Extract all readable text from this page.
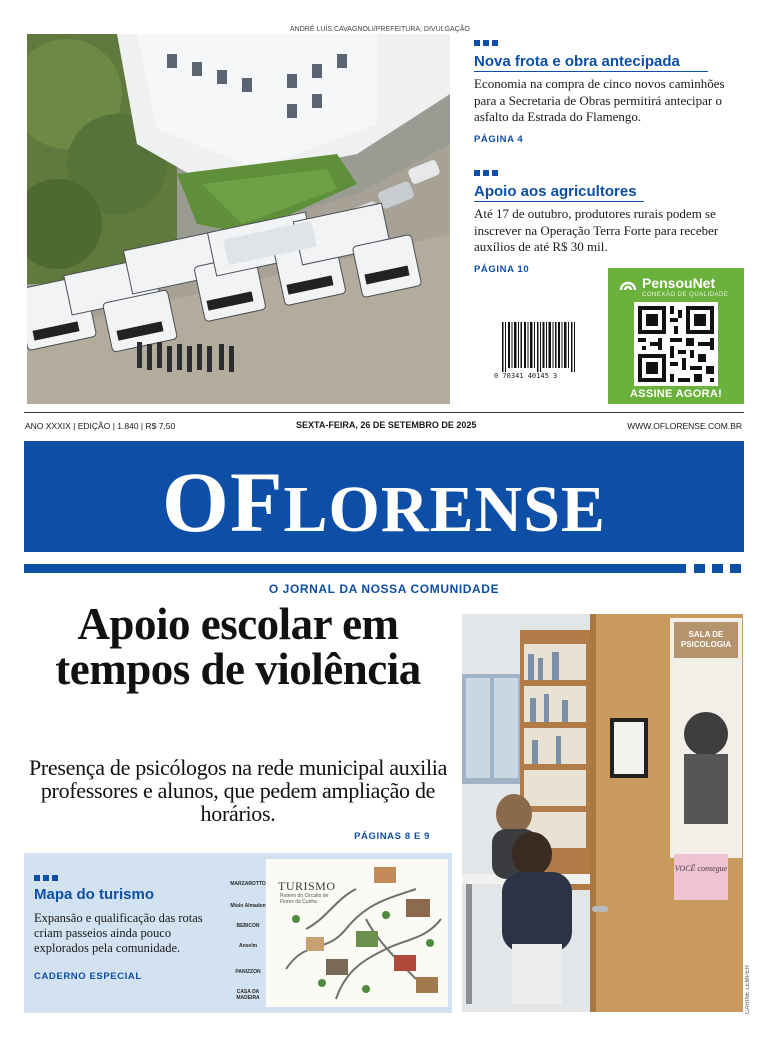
ANDRÉ LUÍS CAVAGNOLI/PREFEITURA, DIVULGAÇÃO
Nova frota e obra antecipada
Economia na compra de cinco novos caminhões para a Secretaria de Obras permitirá antecipar o asfalto da Estrada do Flamengo.
PÁGINA 4
Apoio aos agricultores
Até 17 de outubro, produtores rurais podem se inscrever na Operação Terra Forte para receber auxílios de até R$ 30 mil.
PÁGINA 10
0 70341 40145 3
PensouNet
CONEXÃO DE QUALIDADE
ASSINE AGORA!
ANO XXXIX | EDIÇÃO | 1.840 | R$ 7,50	SEXTA-FEIRA, 26 DE SETEMBRO DE 2025	WWW.OFLORENSE.COM.BR
OFLORENSE
O JORNAL DA NOSSA COMUNIDADE
Apoio escolar em tempos de violência
Presença de psicólogos na rede municipal auxilia professores e alunos, que pedem ampliação de horários.
PÁGINAS 8 E 9
SALA DE PSICOLOGIA
VOCÊ consegue
CARINE LEMPER
Mapa do turismo
Expansão e qualificação das rotas criam passeios ainda pouco explorados pela comunidade.
CADERNO ESPECIAL
MARZAROTTO
Miolo Almaden
BEBICON
Anselm
PANIZZON
CASA DA MADEIRA
TURISMO
Roteiro do Circuito de Flores da Cunha
